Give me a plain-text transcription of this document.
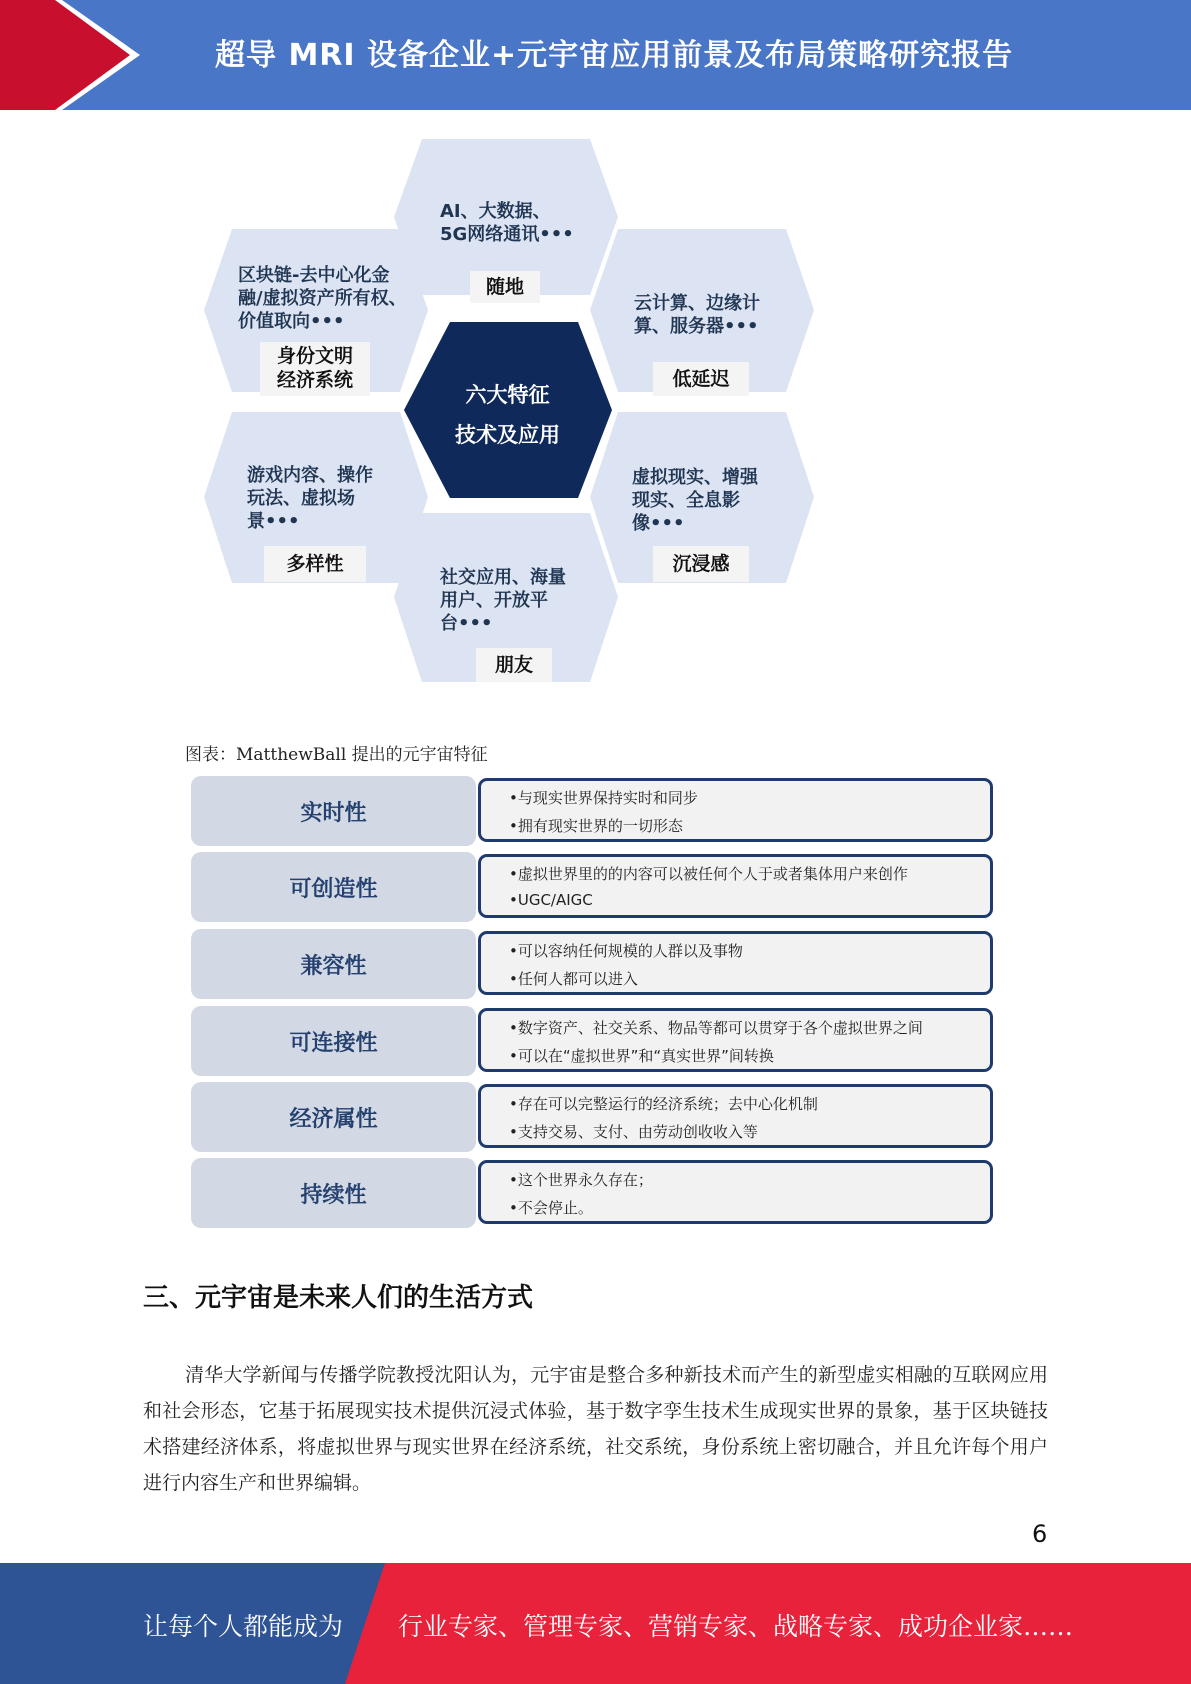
超导 MRI 设备企业+元宇宙应用前景及布局策略研究报告
AI、大数据、
5G网络通讯•••
随地
区块链-去中心化金
融/虚拟资产所有权、
价值取向•••
身份文明
经济系统
云计算、边缘计
算、服务器•••
低延迟
游戏内容、操作
玩法、虚拟场
景•••
多样性
虚拟现实、增强
现实、全息影
像•••
沉浸感
社交应用、海量
用户、开放平
台•••
朋友
六大特征
技术及应用
图表：MatthewBall 提出的元宇宙特征
实时性
•与现实世界保持实时和同步
•拥有现实世界的一切形态
可创造性
•虚拟世界里的的内容可以被任何个人于或者集体用户来创作
•UGC/AIGC
兼容性
•可以容纳任何规模的人群以及事物
•任何人都可以进入
可连接性
•数字资产、社交关系、物品等都可以贯穿于各个虚拟世界之间
•可以在“虚拟世界”和“真实世界”间转换
经济属性
•存在可以完整运行的经济系统；去中心化机制
•支持交易、支付、由劳动创收收入等
持续性
•这个世界永久存在；
•不会停止。
三、元宇宙是未来人们的生活方式
清华大学新闻与传播学院教授沈阳认为，元宇宙是整合多种新技术而产生的新型虚实相融的互联网应用和社会形态，它基于拓展现实技术提供沉浸式体验，基于数字孪生技术生成现实世界的景象，基于区块链技术搭建经济体系，将虚拟世界与现实世界在经济系统，社交系统，身份系统上密切融合，并且允许每个用户进行内容生产和世界编辑。
6
让每个人都能成为 行业专家、管理专家、营销专家、战略专家、成功企业家……
